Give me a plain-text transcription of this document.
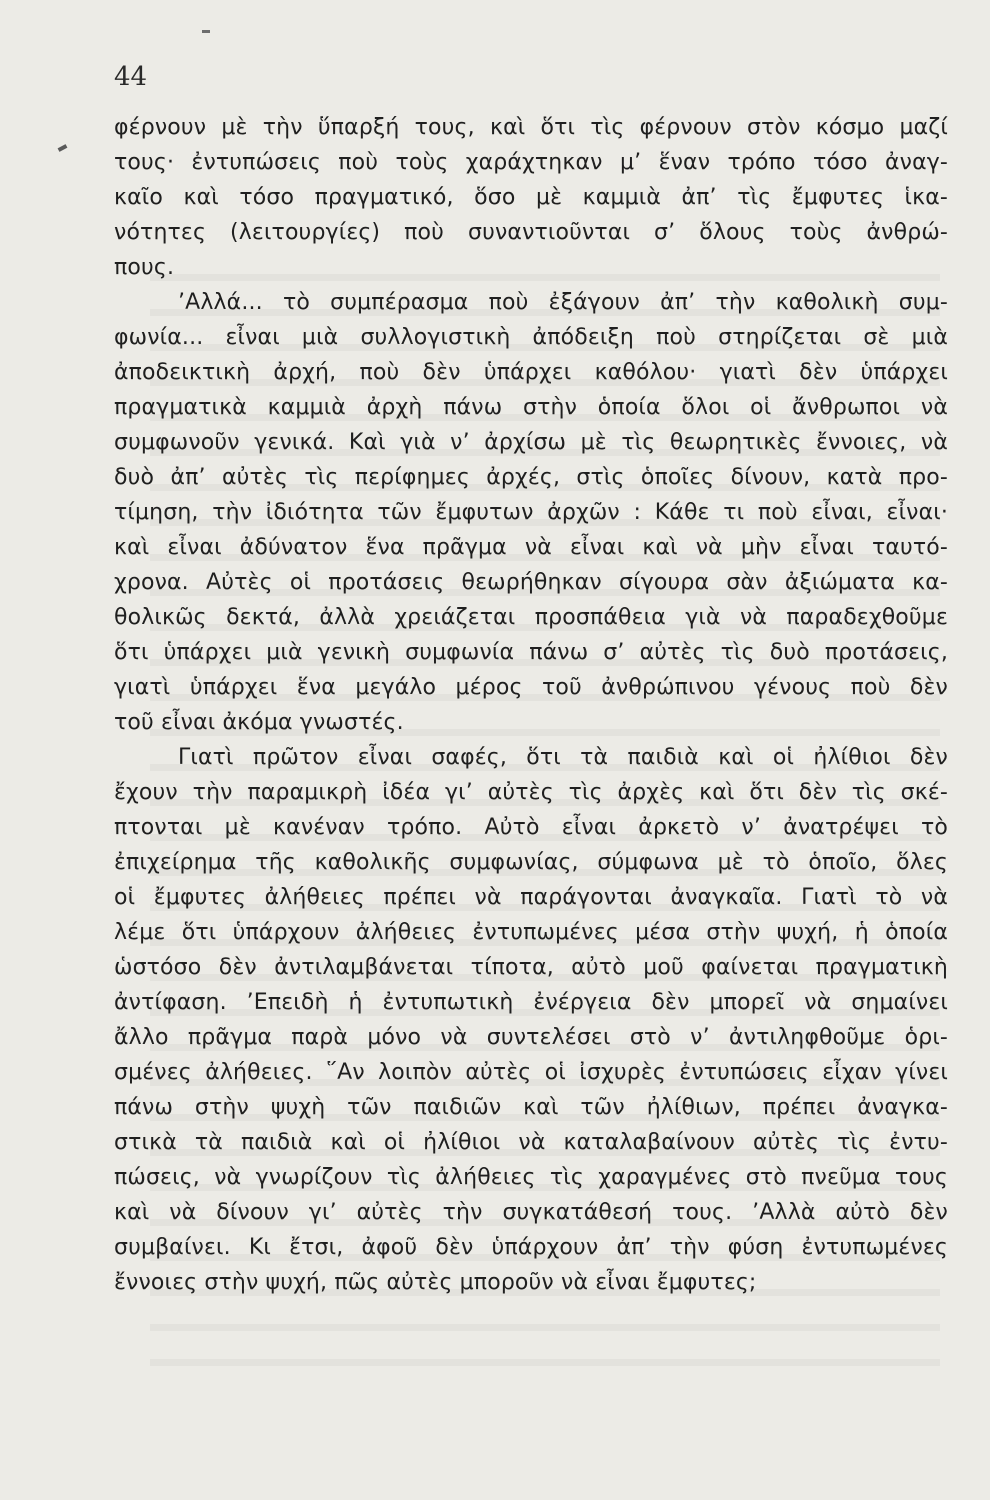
44
φέρνουν μὲ τὴν ὕπαρξή τους, καὶ ὅτι τὶς φέρνουν στὸν κόσμο μαζί
τους· ἐντυπώσεις ποὺ τοὺς χαράχτηκαν μ’ ἕναν τρόπο τόσο ἀναγ-
καῖο καὶ τόσο πραγματικό, ὅσο μὲ καμμιὰ ἀπ’ τὶς ἔμφυτες ἱκα-
νότητες (λειτουργίες) ποὺ συναντιοῦνται σ’ ὅλους τοὺς ἀνθρώ-
πους.
’Αλλά... τὸ συμπέρασμα ποὺ ἐξάγουν ἀπ’ τὴν καθολικὴ συμ-
φωνία... εἶναι μιὰ συλλογιστικὴ ἀπόδειξη ποὺ στηρίζεται σὲ μιὰ
ἀποδεικτικὴ ἀρχή, ποὺ δὲν ὑπάρχει καθόλου· γιατὶ δὲν ὑπάρχει
πραγματικὰ καμμιὰ ἀρχὴ πάνω στὴν ὁποία ὅλοι οἱ ἄνθρωποι νὰ
συμφωνοῦν γενικά. Καὶ γιὰ ν’ ἀρχίσω μὲ τὶς θεωρητικὲς ἔννοιες, νὰ
δυὸ ἀπ’ αὐτὲς τὶς περίφημες ἀρχές, στὶς ὁποῖες δίνουν, κατὰ προ-
τίμηση, τὴν ἰδιότητα τῶν ἔμφυτων ἀρχῶν : Κάθε τι ποὺ εἶναι, εἶναι·
καὶ εἶναι ἀδύνατον ἕνα πρᾶγμα νὰ εἶναι καὶ νὰ μὴν εἶναι ταυτό-
χρονα. Αὐτὲς οἱ προτάσεις θεωρήθηκαν σίγουρα σὰν ἀξιώματα κα-
θολικῶς δεκτά, ἀλλὰ χρειάζεται προσπάθεια γιὰ νὰ παραδεχθοῦμε
ὅτι ὑπάρχει μιὰ γενικὴ συμφωνία πάνω σ’ αὐτὲς τὶς δυὸ προτάσεις,
γιατὶ ὑπάρχει ἕνα μεγάλο μέρος τοῦ ἀνθρώπινου γένους ποὺ δὲν
τοῦ εἶναι ἀκόμα γνωστές.
Γιατὶ πρῶτον εἶναι σαφές, ὅτι τὰ παιδιὰ καὶ οἱ ἠλίθιοι δὲν
ἔχουν τὴν παραμικρὴ ἰδέα γι’ αὐτὲς τὶς ἀρχὲς καὶ ὅτι δὲν τὶς σκέ-
πτονται μὲ κανέναν τρόπο. Αὐτὸ εἶναι ἀρκετὸ ν’ ἀνατρέψει τὸ
ἐπιχείρημα τῆς καθολικῆς συμφωνίας, σύμφωνα μὲ τὸ ὁποῖο, ὅλες
οἱ ἔμφυτες ἀλήθειες πρέπει νὰ παράγονται ἀναγκαῖα. Γιατὶ τὸ νὰ
λέμε ὅτι ὑπάρχουν ἀλήθειες ἐντυπωμένες μέσα στὴν ψυχή, ἡ ὁποία
ὡστόσο δὲν ἀντιλαμβάνεται τίποτα, αὐτὸ μοῦ φαίνεται πραγματικὴ
ἀντίφαση. ’Επειδὴ ἡ ἐντυπωτικὴ ἐνέργεια δὲν μπορεῖ νὰ σημαίνει
ἄλλο πρᾶγμα παρὰ μόνο νὰ συντελέσει στὸ ν’ ἀντιληφθοῦμε ὁρι-
σμένες ἀλήθειες. ῞Αν λοιπὸν αὐτὲς οἱ ἰσχυρὲς ἐντυπώσεις εἶχαν γίνει
πάνω στὴν ψυχὴ τῶν παιδιῶν καὶ τῶν ἠλίθιων, πρέπει ἀναγκα-
στικὰ τὰ παιδιὰ καὶ οἱ ἠλίθιοι νὰ καταλαβαίνουν αὐτὲς τὶς ἐντυ-
πώσεις, νὰ γνωρίζουν τὶς ἀλήθειες τὶς χαραγμένες στὸ πνεῦμα τους
καὶ νὰ δίνουν γι’ αὐτὲς τὴν συγκατάθεσή τους. ’Αλλὰ αὐτὸ δὲν
συμβαίνει. Κι ἔτσι, ἀφοῦ δὲν ὑπάρχουν ἀπ’ τὴν φύση ἐντυπωμένες
ἔννοιες στὴν ψυχή, πῶς αὐτὲς μποροῦν νὰ εἶναι ἔμφυτες;
